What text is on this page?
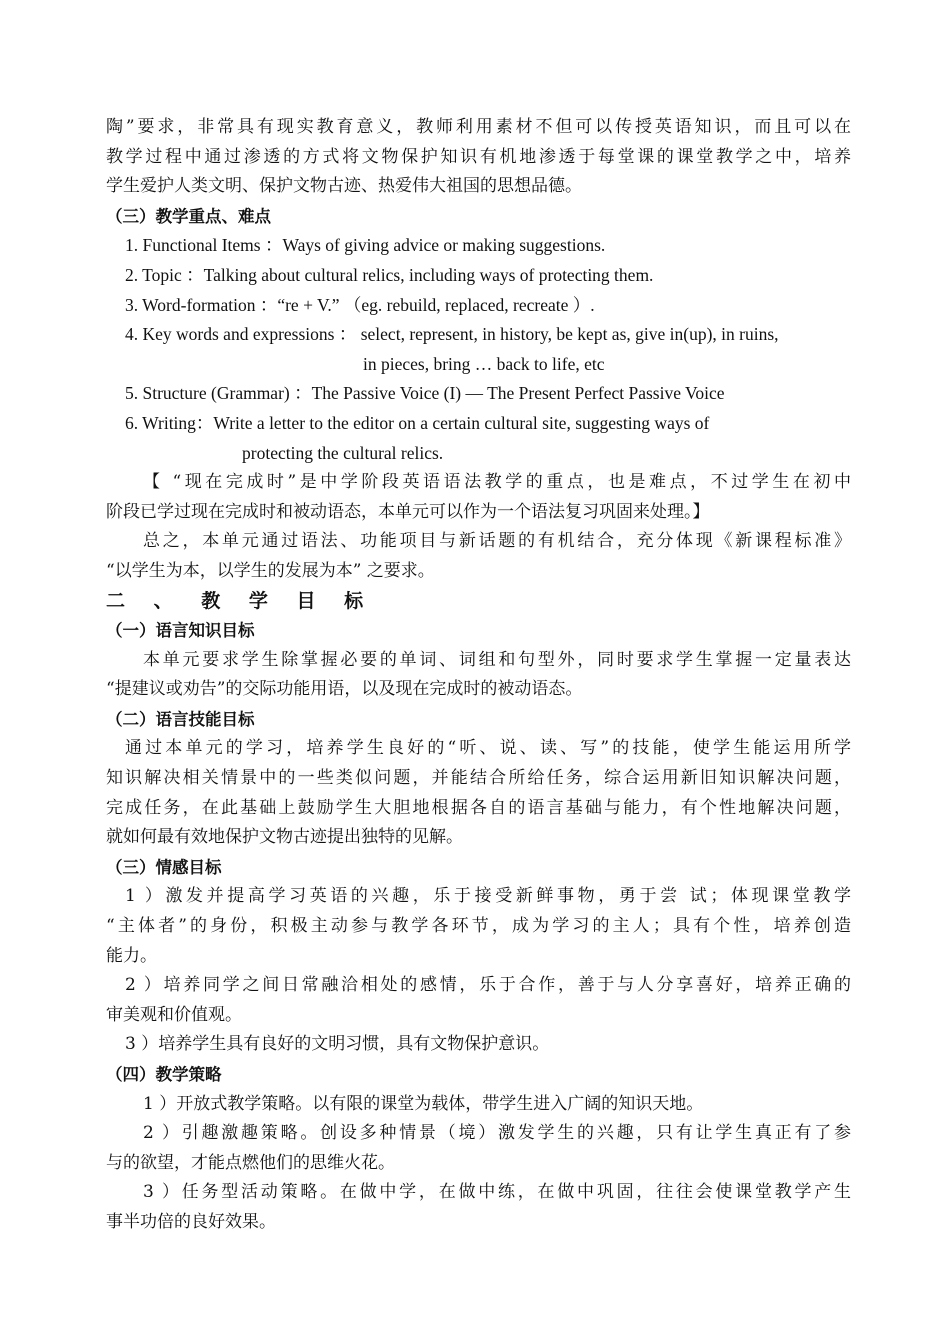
陶”要求，非常具有现实教育意义，教师利用素材不但可以传授英语知识，而且可以在
教学过程中通过渗透的方式将文物保护知识有机地渗透于每堂课的课堂教学之中，培养
学生爱护人类文明、保护文物古迹、热爱伟大祖国的思想品德。
（三）教学重点、难点
1. Functional Items ：Ways of giving advice or making suggestions.
2. Topic ：Talking about cultural relics, including ways of protecting them.
3. Word-formation ：“re + V.” （eg. rebuild, replaced, recreate ）.
4. Key words and expressions ： select, represent, in history, be kept as, give in(up), in ruins,
in pieces, bring … back to life, etc
5. Structure (Grammar) ：The Passive Voice (I) — The Present Perfect Passive Voice
6. Writing：Write a letter to the editor on a certain cultural site, suggesting ways of
protecting the cultural relics.
【 “现在完成时”是中学阶段英语语法教学的重点，也是难点，不过学生在初中
阶段已学过现在完成时和被动语态，本单元可以作为一个语法复习巩固来处理。】
总之，本单元通过语法、功能项目与新话题的有机结合，充分体现《新课程标准》
“以学生为本，以学生的发展为本” 之要求。
二 、 教 学 目 标
（一）语言知识目标
本单元要求学生除掌握必要的单词、词组和句型外，同时要求学生掌握一定量表达
“提建议或劝告”的交际功能用语，以及现在完成时的被动语态。
（二）语言技能目标
通过本单元的学习，培养学生良好的“听、说、读、写”的技能，使学生能运用所学
知识解决相关情景中的一些类似问题，并能结合所给任务，综合运用新旧知识解决问题，
完成任务，在此基础上鼓励学生大胆地根据各自的语言基础与能力，有个性地解决问题，
就如何最有效地保护文物古迹提出独特的见解。
（三）情感目标
1 ）激发并提高学习英语的兴趣，乐于接受新鲜事物，勇于尝 试；体现课堂教学
“主体者”的身份，积极主动参与教学各环节，成为学习的主人；具有个性，培养创造
能力。
2 ）培养同学之间日常融洽相处的感情，乐于合作，善于与人分享喜好，培养正确的
审美观和价值观。
3 ）培养学生具有良好的文明习惯，具有文物保护意识。
（四）教学策略
1 ）开放式教学策略。以有限的课堂为载体，带学生进入广阔的知识天地。
2 ）引趣激趣策略。创设多种情景（境）激发学生的兴趣，只有让学生真正有了参
与的欲望，才能点燃他们的思维火花。
3 ）任务型活动策略。在做中学，在做中练，在做中巩固，往往会使课堂教学产生
事半功倍的良好效果。
